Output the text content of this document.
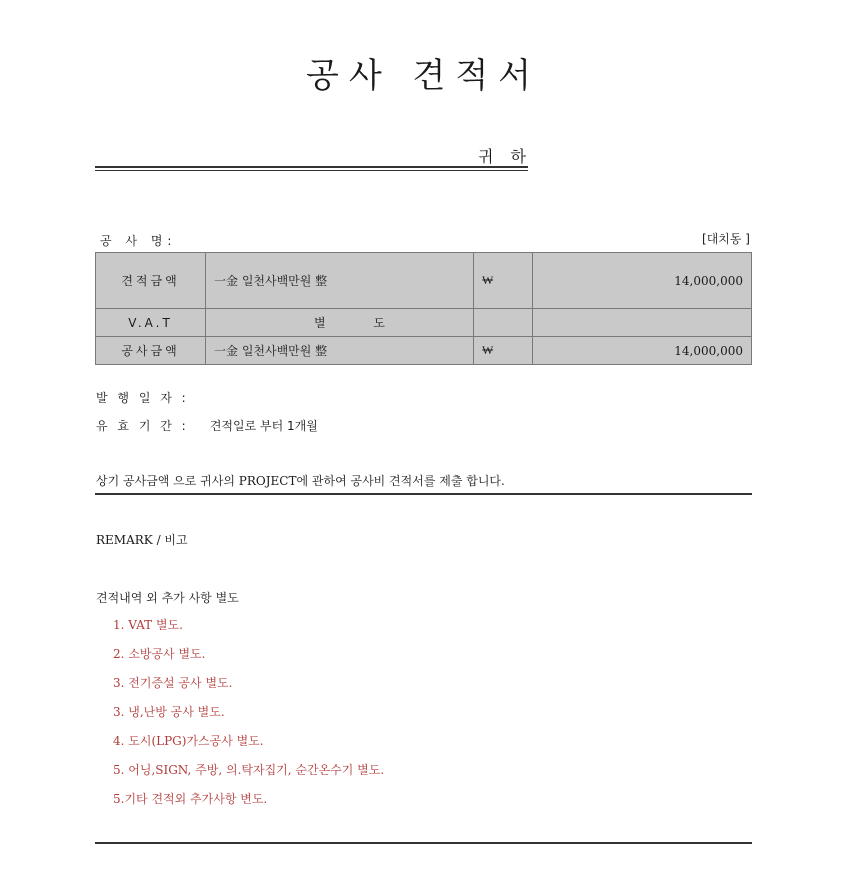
공사 견적서
귀 하
공 사 명:	[대치동 ]
견적금액	一金 일천사백만원 整	₩	14,000,000
V.A.T	별 도		
공사금액	一金 일천사백만원 整	₩	14,000,000
발 행 일 자 :
유 효 기 간 : 견적일로 부터 1개월
상기 공사금액 으로 귀사의 PROJECT에 관하여 공사비 견적서를 제출 합니다.
REMARK / 비고
견적내역 외 추가 사항 별도
1. VAT 별도.
2. 소방공사 별도.
3. 전기증설 공사 별도.
3. 냉,난방 공사 별도.
4. 도시(LPG)가스공사 별도.
5. 어닝,SIGN, 주방, 의.탁자집기, 순간온수기 별도.
5.기타 견적외 추가사항 변도.
